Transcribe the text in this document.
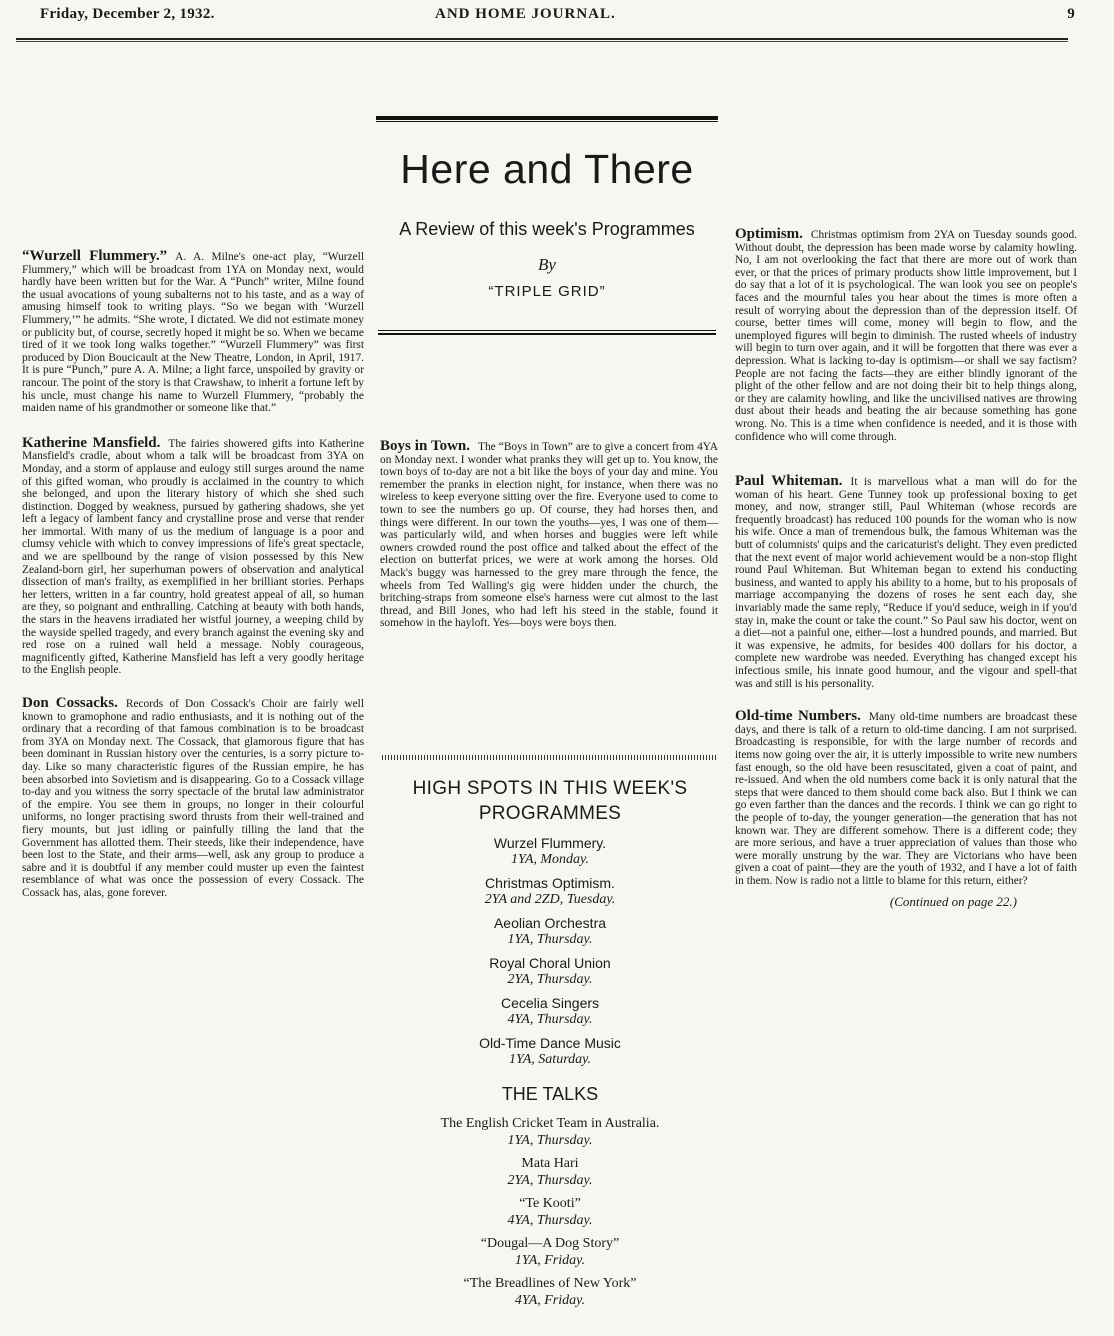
Friday, December 2, 1932.	AND HOME JOURNAL.	9
Here and There
A Review of this week's Programmes
By
“TRIPLE GRID”

“Wurzell Flummery.” A. A. Milne's one-act play, “Wurzell Flummery,” which will be broadcast from 1YA on Monday next, would hardly have been written but for the War. A “Punch” writer, Milne found the usual avocations of young subalterns not to his taste, and as a way of amusing himself took to writing plays. “So we began with ‘Wurzell Flummery,’” he admits. “She wrote, I dictated. We did not estimate money or publicity but, of course, secretly hoped it might be so. When we became tired of it we took long walks together.” “Wurzell Flummery” was first produced by Dion Boucicault at the New Theatre, London, in April, 1917. It is pure “Punch,” pure A. A. Milne; a light farce, unspoiled by gravity or rancour. The point of the story is that Crawshaw, to inherit a fortune left by his uncle, must change his name to Wurzell Flummery, “probably the maiden name of his grandmother or someone like that.”

Katherine Mansfield. The fairies showered gifts into Katherine Mansfield's cradle, about whom a talk will be broadcast from 3YA on Monday, and a storm of applause and eulogy still surges around the name of this gifted woman, who proudly is acclaimed in the country to which she belonged, and upon the literary history of which she shed such distinction. Dogged by weakness, pursued by gathering shadows, she yet left a legacy of lambent fancy and crystalline prose and verse that render her immortal. With many of us the medium of language is a poor and clumsy vehicle with which to convey impressions of life's great spectacle, and we are spellbound by the range of vision possessed by this New Zealand-born girl, her superhuman powers of observation and analytical dissection of man's frailty, as exemplified in her brilliant stories. Perhaps her letters, written in a far country, hold greatest appeal of all, so human are they, so poignant and enthralling. Catching at beauty with both hands, the stars in the heavens irradiated her wistful journey, a weeping child by the wayside spelled tragedy, and every branch against the evening sky and red rose on a ruined wall held a message. Nobly courageous, magnificently gifted, Katherine Mansfield has left a very goodly heritage to the English people.

Don Cossacks. Records of Don Cossack's Choir are fairly well known to gramophone and radio enthusiasts, and it is nothing out of the ordinary that a recording of that famous combination is to be broadcast from 3YA on Monday next. The Cossack, that glamorous figure that has been dominant in Russian history over the centuries, is a sorry picture to-day. Like so many characteristic figures of the Russian empire, he has been absorbed into Sovietism and is disappearing. Go to a Cossack village to-day and you witness the sorry spectacle of the brutal law administrator of the empire. You see them in groups, no longer in their colourful uniforms, no longer practising sword thrusts from their well-trained and fiery mounts, but just idling or painfully tilling the land that the Government has allotted them. Their steeds, like their independence, have been lost to the State, and their arms—well, ask any group to produce a sabre and it is doubtful if any member could muster up even the faintest resemblance of what was once the possession of every Cossack. The Cossack has, alas, gone forever.

Boys in Town. The “Boys in Town” are to give a concert from 4YA on Monday next. I wonder what pranks they will get up to. You know, the town boys of to-day are not a bit like the boys of your day and mine. You remember the pranks in election night, for instance, when there was no wireless to keep everyone sitting over the fire. Everyone used to come to town to see the numbers go up. Of course, they had horses then, and things were different. In our town the youths—yes, I was one of them—was particularly wild, and when horses and buggies were left while owners crowded round the post office and talked about the effect of the election on butterfat prices, we were at work among the horses. Old Mack's buggy was harnessed to the grey mare through the fence, the wheels from Ted Walling's gig were hidden under the church, the britching-straps from someone else's harness were cut almost to the last thread, and Bill Jones, who had left his steed in the stable, found it somehow in the hayloft. Yes—boys were boys then.

HIGH SPOTS IN THIS WEEK'S PROGRAMMES
Wurzel Flummery.
1YA, Monday.
Christmas Optimism.
2YA and 2ZD, Tuesday.
Aeolian Orchestra
1YA, Thursday.
Royal Choral Union
2YA, Thursday.
Cecelia Singers
4YA, Thursday.
Old-Time Dance Music
1YA, Saturday.
THE TALKS
The English Cricket Team in Australia.
1YA, Thursday.
Mata Hari
2YA, Thursday.
“Te Kooti”
4YA, Thursday.
“Dougal—A Dog Story”
1YA, Friday.
“The Breadlines of New York”
4YA, Friday.

Optimism. Christmas optimism from 2YA on Tuesday sounds good. Without doubt, the depression has been made worse by calamity howling. No, I am not overlooking the fact that there are more out of work than ever, or that the prices of primary products show little improvement, but I do say that a lot of it is psychological. The wan look you see on people's faces and the mournful tales you hear about the times is more often a result of worrying about the depression than of the depression itself. Of course, better times will come, money will begin to flow, and the unemployed figures will begin to diminish. The rusted wheels of industry will begin to turn over again, and it will be forgotten that there was ever a depression. What is lacking to-day is optimism—or shall we say factism? People are not facing the facts—they are either blindly ignorant of the plight of the other fellow and are not doing their bit to help things along, or they are calamity howling, and like the uncivilised natives are throwing dust about their heads and beating the air because something has gone wrong. No. This is a time when confidence is needed, and it is those with confidence who will come through.

Paul Whiteman. It is marvellous what a man will do for the woman of his heart. Gene Tunney took up professional boxing to get money, and now, stranger still, Paul Whiteman (whose records are frequently broadcast) has reduced 100 pounds for the woman who is now his wife. Once a man of tremendous bulk, the famous Whiteman was the butt of columnists' quips and the caricaturist's delight. They even predicted that the next event of major world achievement would be a non-stop flight round Paul Whiteman. But Whiteman began to extend his conducting business, and wanted to apply his ability to a home, but to his proposals of marriage accompanying the dozens of roses he sent each day, she invariably made the same reply, “Reduce if you'd seduce, weigh in if you'd stay in, make the count or take the count.” So Paul saw his doctor, went on a diet—not a painful one, either—lost a hundred pounds, and married. But it was expensive, he admits, for besides 400 dollars for his doctor, a complete new wardrobe was needed. Everything has changed except his infectious smile, his innate good humour, and the vigour and spell-that was and still is his personality.

Old-time Numbers. Many old-time numbers are broadcast these days, and there is talk of a return to old-time dancing. I am not surprised. Broadcasting is responsible, for with the large number of records and items now going over the air, it is utterly impossible to write new numbers fast enough, so the old have been resuscitated, given a coat of paint, and re-issued. And when the old numbers come back it is only natural that the steps that were danced to them should come back also. But I think we can go even farther than the dances and the records. I think we can go right to the people of to-day, the younger generation—the generation that has not known war. They are different somehow. There is a different code; they are more serious, and have a truer appreciation of values than those who were morally unstrung by the war. They are Victorians who have been given a coat of paint—they are the youth of 1932, and I have a lot of faith in them. Now is radio not a little to blame for this return, either?

(Continued on page 22.)
